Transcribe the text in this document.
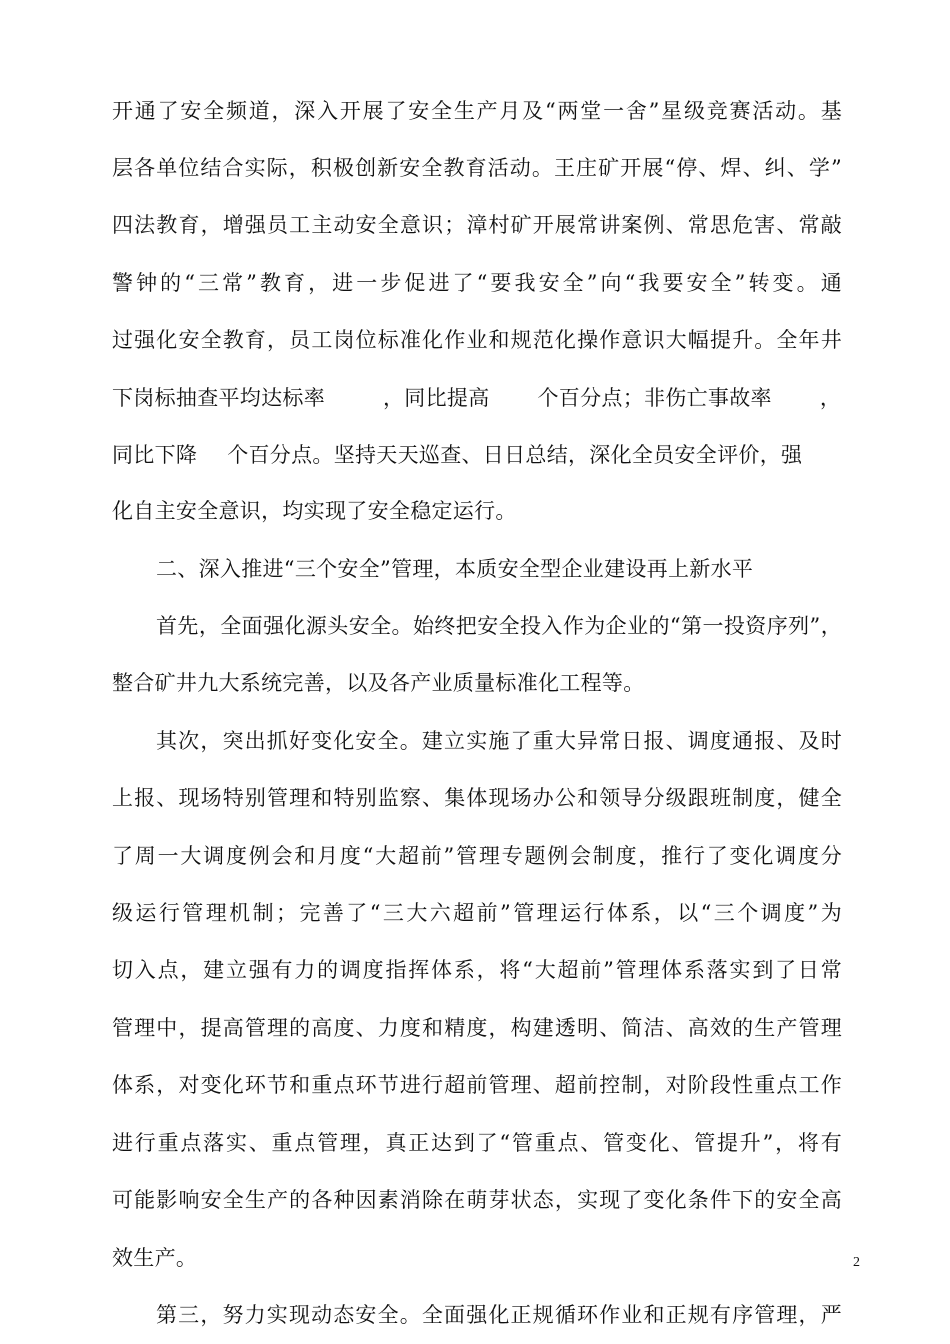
开通了安全频道，深入开展了安全生产月及“两堂一舍”星级竞赛活动。基
层各单位结合实际，积极创新安全教育活动。王庄矿开展“停、焊、纠、学”
四法教育，增强员工主动安全意识；漳村矿开展常讲案例、常思危害、常敲
警钟的“三常”教育，进一步促进了“要我安全”向“我要安全”转变。通
过强化安全教育，员工岗位标准化作业和规范化操作意识大幅提升。全年井
下岗标抽查平均达标率	，同比提高 个百分点；非伤亡事故率 ，
同比下降 个百分点。坚持天天巡查、日日总结，深化全员安全评价，强
化自主安全意识，均实现了安全稳定运行。
二、深入推进“三个安全”管理，本质安全型企业建设再上新水平
首先，全面强化源头安全。始终把安全投入作为企业的“第一投资序列”，
整合矿井九大系统完善，以及各产业质量标准化工程等。
其次，突出抓好变化安全。建立实施了重大异常日报、调度通报、及时
上报、现场特别管理和特别监察、集体现场办公和领导分级跟班制度，健全
了周一大调度例会和月度“大超前”管理专题例会制度，推行了变化调度分
级运行管理机制；完善了“三大六超前”管理运行体系，以“三个调度”为
切入点，建立强有力的调度指挥体系，将“大超前”管理体系落实到了日常
管理中，提高管理的高度、力度和精度，构建透明、简洁、高效的生产管理
体系，对变化环节和重点环节进行超前管理、超前控制，对阶段性重点工作
进行重点落实、重点管理，真正达到了“管重点、管变化、管提升”，将有
可能影响安全生产的各种因素消除在萌芽状态，实现了变化条件下的安全高
效生产。	2
第三，努力实现动态安全。全面强化正规循环作业和正规有序管理，严
